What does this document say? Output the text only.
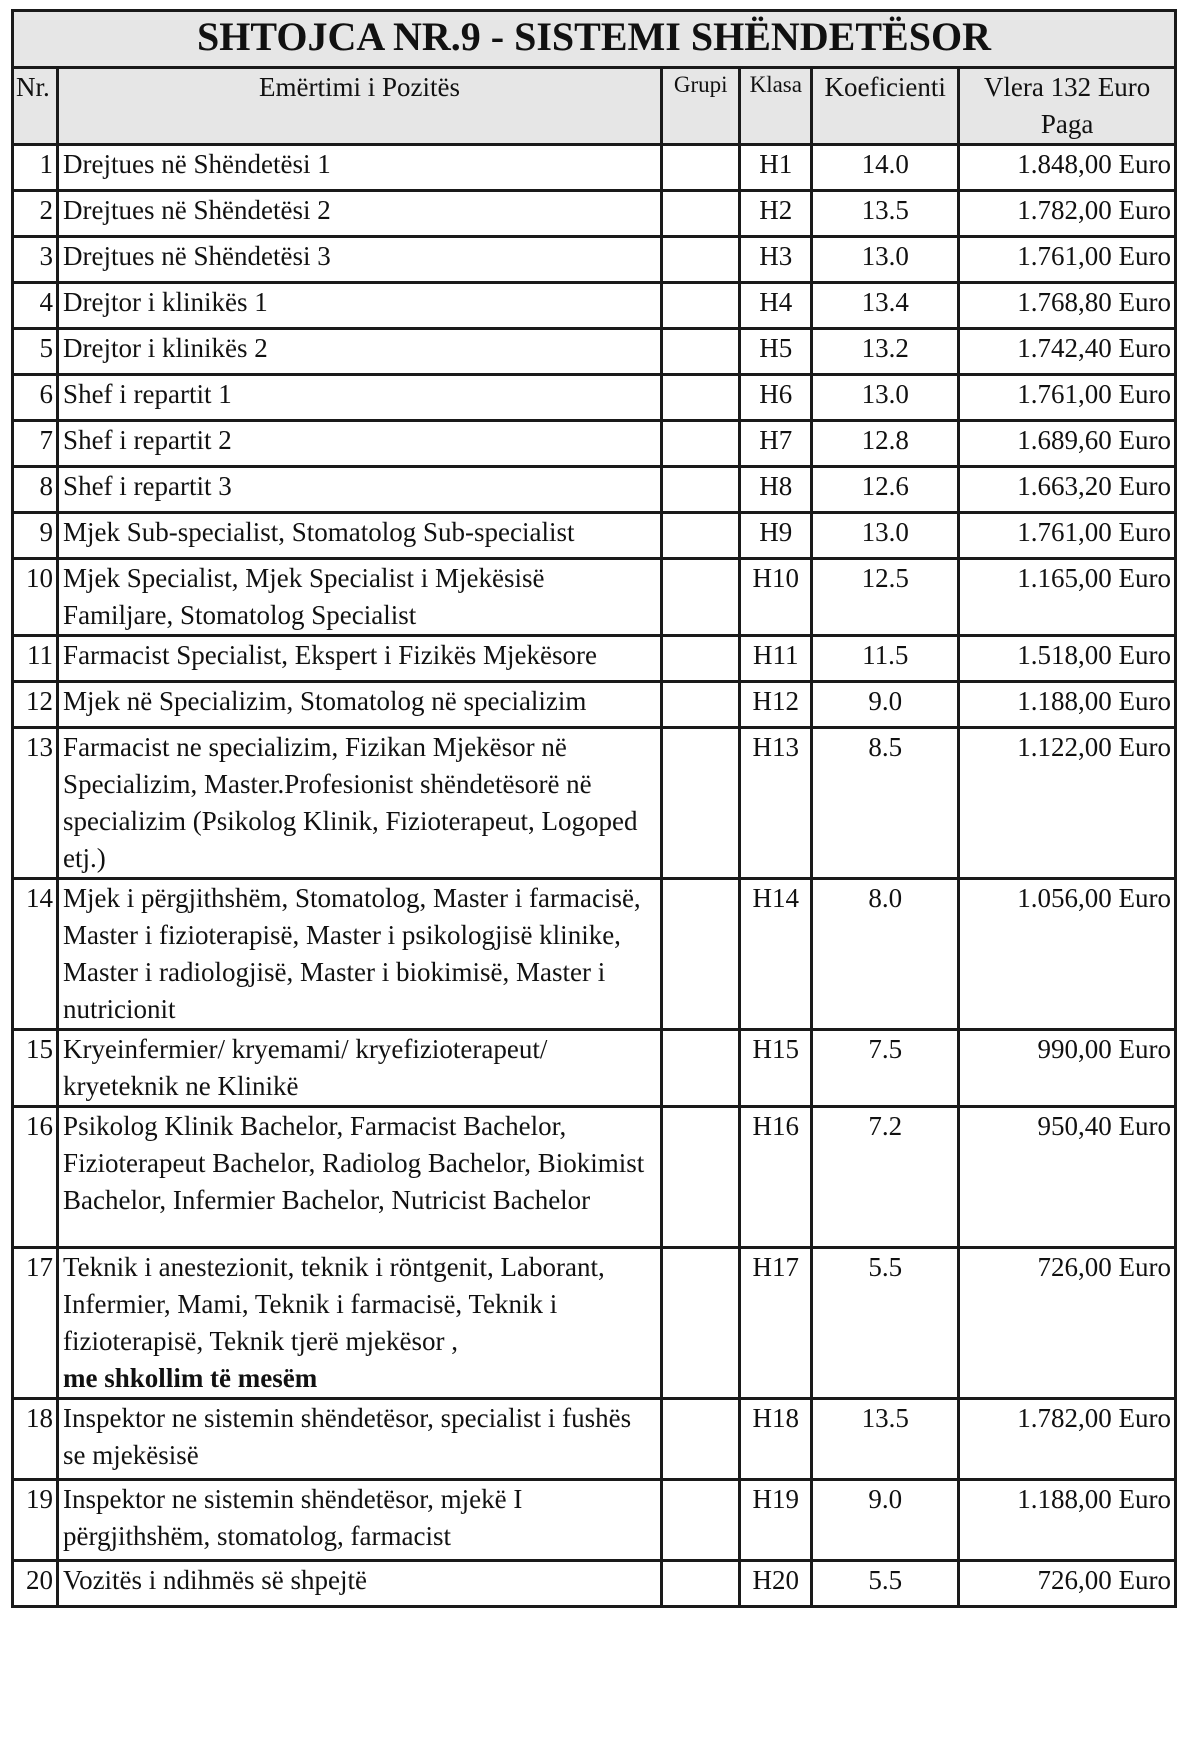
SHTOJCA NR.9 - SISTEMI SHËNDETËSOR					
Nr.	Emërtimi i Pozitës	Grupi	Klasa	Koeficienti	Vlera 132 Euro
Paga

1	Drejtues në Shëndetësi 1		H1	14.0	1.848,00 Euro
2	Drejtues në Shëndetësi 2		H2	13.5	1.782,00 Euro
3	Drejtues në Shëndetësi 3		H3	13.0	1.761,00 Euro
4	Drejtor i klinikës 1		H4	13.4	1.768,80 Euro
5	Drejtor i klinikës 2		H5	13.2	1.742,40 Euro
6	Shef i repartit 1		H6	13.0	1.761,00 Euro
7	Shef i repartit 2		H7	12.8	1.689,60 Euro
8	Shef i repartit 3		H8	12.6	1.663,20 Euro
9	Mjek Sub-specialist, Stomatolog Sub-specialist		H9	13.0	1.761,00 Euro
10	Mjek Specialist, Mjek Specialist i Mjekësisë Familjare, Stomatolog Specialist		H10	12.5	1.165,00 Euro
11	Farmacist Specialist, Ekspert i Fizikës Mjekësore		H11	11.5	1.518,00 Euro
12	Mjek në Specializim, Stomatolog në specializim		H12	9.0	1.188,00 Euro
13	Farmacist ne specializim, Fizikan Mjekësor në Specializim, Master.Profesionist shëndetësorë në specializim (Psikolog Klinik, Fizioterapeut, Logoped etj.)		H13	8.5	1.122,00 Euro
14	Mjek i përgjithshëm, Stomatolog, Master i farmacisë, Master i fizioterapisë, Master i psikologjisë klinike, Master i radiologjisë, Master i biokimisë, Master i nutricionit		H14	8.0	1.056,00 Euro
15	Kryeinfermier/ kryemami/ kryefizioterapeut/ kryeteknik ne Klinikë		H15	7.5	990,00 Euro
16	Psikolog Klinik Bachelor, Farmacist Bachelor, Fizioterapeut Bachelor, Radiolog Bachelor, Biokimist Bachelor, Infermier Bachelor, Nutricist Bachelor		H16	7.2	950,40 Euro
17	Teknik i anestezionit, teknik i röntgenit, Laborant, Infermier, Mami, Teknik i farmacisë, Teknik i fizioterapisë, Teknik tjerë mjekësor ,
me shkollim të mesëm		H17	5.5	726,00 Euro
18	Inspektor ne sistemin shëndetësor, specialist i fushës se mjekësisë		H18	13.5	1.782,00 Euro
19	Inspektor ne sistemin shëndetësor, mjekë I përgjithshëm, stomatolog, farmacist		H19	9.0	1.188,00 Euro
20	Vozitës i ndihmës së shpejtë		H20	5.5	726,00 Euro
